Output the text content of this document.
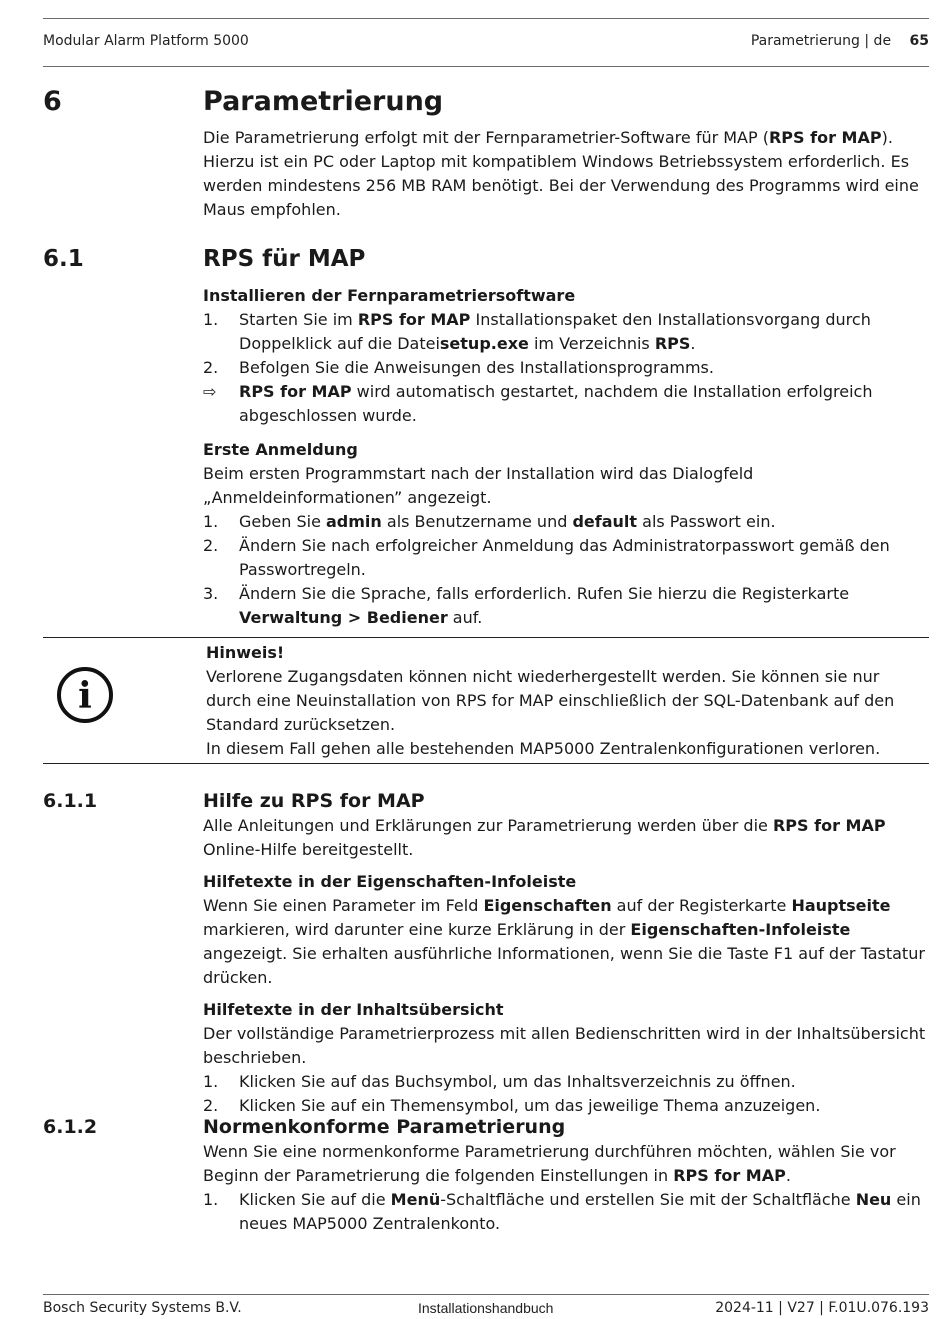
Modular Alarm Platform 5000	Parametrierung | de 65
6	Parametrierung

Die Parametrierung erfolgt mit der Fernparametrier-Software für MAP (RPS for MAP). Hierzu ist ein PC oder Laptop mit kompatiblem Windows Betriebssystem erforderlich. Es werden mindestens 256 MB RAM benötigt. Bei der Verwendung des Programms wird eine Maus empfohlen.

6.1	RPS für MAP

Installieren der Fernparametriersoftware

1. Starten Sie im RPS for MAP Installationspaket den Installationsvorgang durch Doppelklick auf die Dateisetup.exe im Verzeichnis RPS.
2. Befolgen Sie die Anweisungen des Installationsprogramms.
⇨ RPS for MAP wird automatisch gestartet, nachdem die Installation erfolgreich abgeschlossen wurde.

Erste Anmeldung

Beim ersten Programmstart nach der Installation wird das Dialogfeld „Anmeldeinformationen” angezeigt.

1. Geben Sie admin als Benutzername und default als Passwort ein.
2. Ändern Sie nach erfolgreicher Anmeldung das Administratorpasswort gemäß den Passwortregeln.
3. Ändern Sie die Sprache, falls erforderlich. Rufen Sie hierzu die Registerkarte Verwaltung > Bediener auf.
i

Hinweis!

Verlorene Zugangsdaten können nicht wiederhergestellt werden. Sie können sie nur durch eine Neuinstallation von RPS for MAP einschließlich der SQL-Datenbank auf den Standard zurücksetzen.

In diesem Fall gehen alle bestehenden MAP5000 Zentralenkonfigurationen verloren.

6.1.1	Hilfe zu RPS for MAP

Alle Anleitungen und Erklärungen zur Parametrierung werden über die RPS for MAP Online-Hilfe bereitgestellt.

Hilfetexte in der Eigenschaften-Infoleiste

Wenn Sie einen Parameter im Feld Eigenschaften auf der Registerkarte Hauptseite markieren, wird darunter eine kurze Erklärung in der Eigenschaften-Infoleiste angezeigt. Sie erhalten ausführliche Informationen, wenn Sie die Taste F1 auf der Tastatur drücken.

Hilfetexte in der Inhaltsübersicht

Der vollständige Parametrierprozess mit allen Bedienschritten wird in der Inhaltsübersicht beschrieben.

1. Klicken Sie auf das Buchsymbol, um das Inhaltsverzeichnis zu öffnen.
2. Klicken Sie auf ein Themensymbol, um das jeweilige Thema anzuzeigen.
6.1.2	Normenkonforme Parametrierung

Wenn Sie eine normenkonforme Parametrierung durchführen möchten, wählen Sie vor Beginn der Parametrierung die folgenden Einstellungen in RPS for MAP.

1. Klicken Sie auf die Menü-Schaltfläche und erstellen Sie mit der Schaltfläche Neu ein neues MAP5000 Zentralenkonto.
Bosch Security Systems B.V.	Installationshandbuch	2024-11 | V27 | F.01U.076.193
